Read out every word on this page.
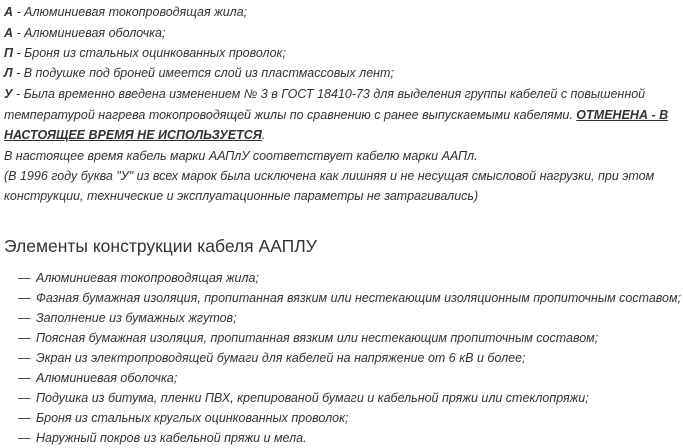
А - Алюминиевая токопроводящая жила;
А - Алюминиевая оболочка;
П - Броня из стальных оцинкованных проволок;
Л - В подушке под броней имеется слой из пластмассовых лент;
У - Была временно введена изменением № 3 в ГОСТ 18410-73 для выделения группы кабелей с повышенной
температурой нагрева токопроводящей жилы по сравнению с ранее выпускаемыми кабелями. ОТМЕНЕНА - В
НАСТОЯЩЕЕ ВРЕМЯ НЕ ИСПОЛЬЗУЕТСЯ.
В настоящее время кабель марки ААПлУ соответствует кабелю марки ААПл.
(В 1996 году буква "У" из всех марок была исключена как лишняя и не несущая смысловой нагрузки, при этом
конструкции, технические и эксплуатационные параметры не затрагивались)
Элементы конструкции кабеля ААПЛУ
— Алюминиевая токопроводящая жила;
— Фазная бумажная изоляция, пропитанная вязким или нестекающим изоляционным пропиточным составом;
— Заполнение из бумажных жгутов;
— Поясная бумажная изоляция, пропитанная вязким или нестекающим пропиточным составом;
— Экран из электропроводящей бумаги для кабелей на напряжение от 6 кВ и более;
— Алюминиевая оболочка;
— Подушка из битума, пленки ПВХ, крепированой бумаги и кабельной пряжи или стеклопряжи;
— Броня из стальных круглых оцинкованных проволок;
— Наружный покров из кабельной пряжи и мела.
